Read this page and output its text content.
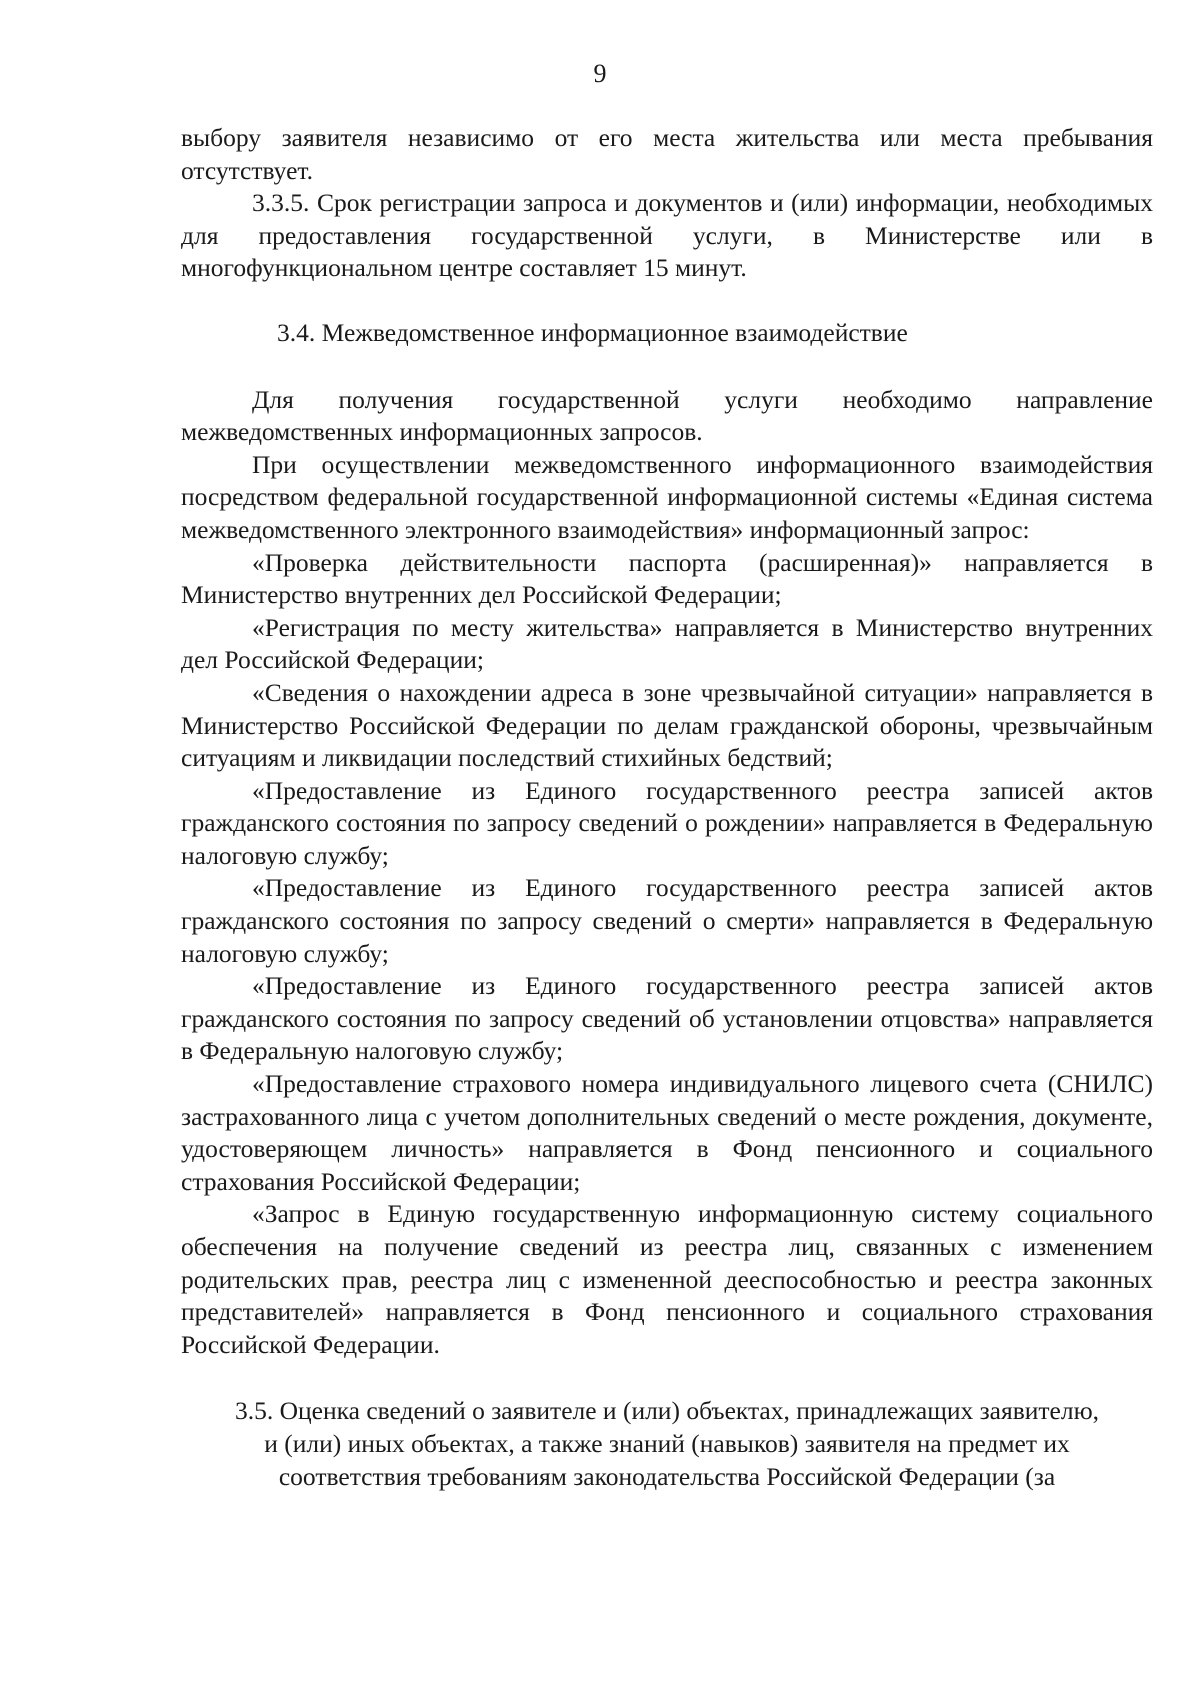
9

выбору заявителя независимо от его места жительства или места пребывания отсутствует.

3.3.5. Срок регистрации запроса и документов и (или) информации, необходимых для предоставления государственной услуги, в Министерстве или в многофункциональном центре составляет 15 минут.

3.4. Межведомственное информационное взаимодействие

Для получения государственной услуги необходимо направление межведомственных информационных запросов.

При осуществлении межведомственного информационного взаимодействия посредством федеральной государственной информационной системы «Единая система межведомственного электронного взаимодействия» информационный запрос:

«Проверка действительности паспорта (расширенная)» направляется в Министерство внутренних дел Российской Федерации;

«Регистрация по месту жительства» направляется в Министерство внутренних дел Российской Федерации;

«Сведения о нахождении адреса в зоне чрезвычайной ситуации» направляется в Министерство Российской Федерации по делам гражданской обороны, чрезвычайным ситуациям и ликвидации последствий стихийных бедствий;

«Предоставление из Единого государственного реестра записей актов гражданского состояния по запросу сведений о рождении» направляется в Федеральную налоговую службу;

«Предоставление из Единого государственного реестра записей актов гражданского состояния по запросу сведений о смерти» направляется в Федеральную налоговую службу;

«Предоставление из Единого государственного реестра записей актов гражданского состояния по запросу сведений об установлении отцовства» направляется в Федеральную налоговую службу;

«Предоставление страхового номера индивидуального лицевого счета (СНИЛС) застрахованного лица с учетом дополнительных сведений о месте рождения, документе, удостоверяющем личность» направляется в Фонд пенсионного и социального страхования Российской Федерации;

«Запрос в Единую государственную информационную систему социального обеспечения на получение сведений из реестра лиц, связанных с изменением родительских прав, реестра лиц с измененной дееспособностью и реестра законных представителей» направляется в Фонд пенсионного и социального страхования Российской Федерации.

3.5. Оценка сведений о заявителе и (или) объектах, принадлежащих заявителю,
и (или) иных объектах, а также знаний (навыков) заявителя на предмет их
соответствия требованиям законодательства Российской Федерации (за
